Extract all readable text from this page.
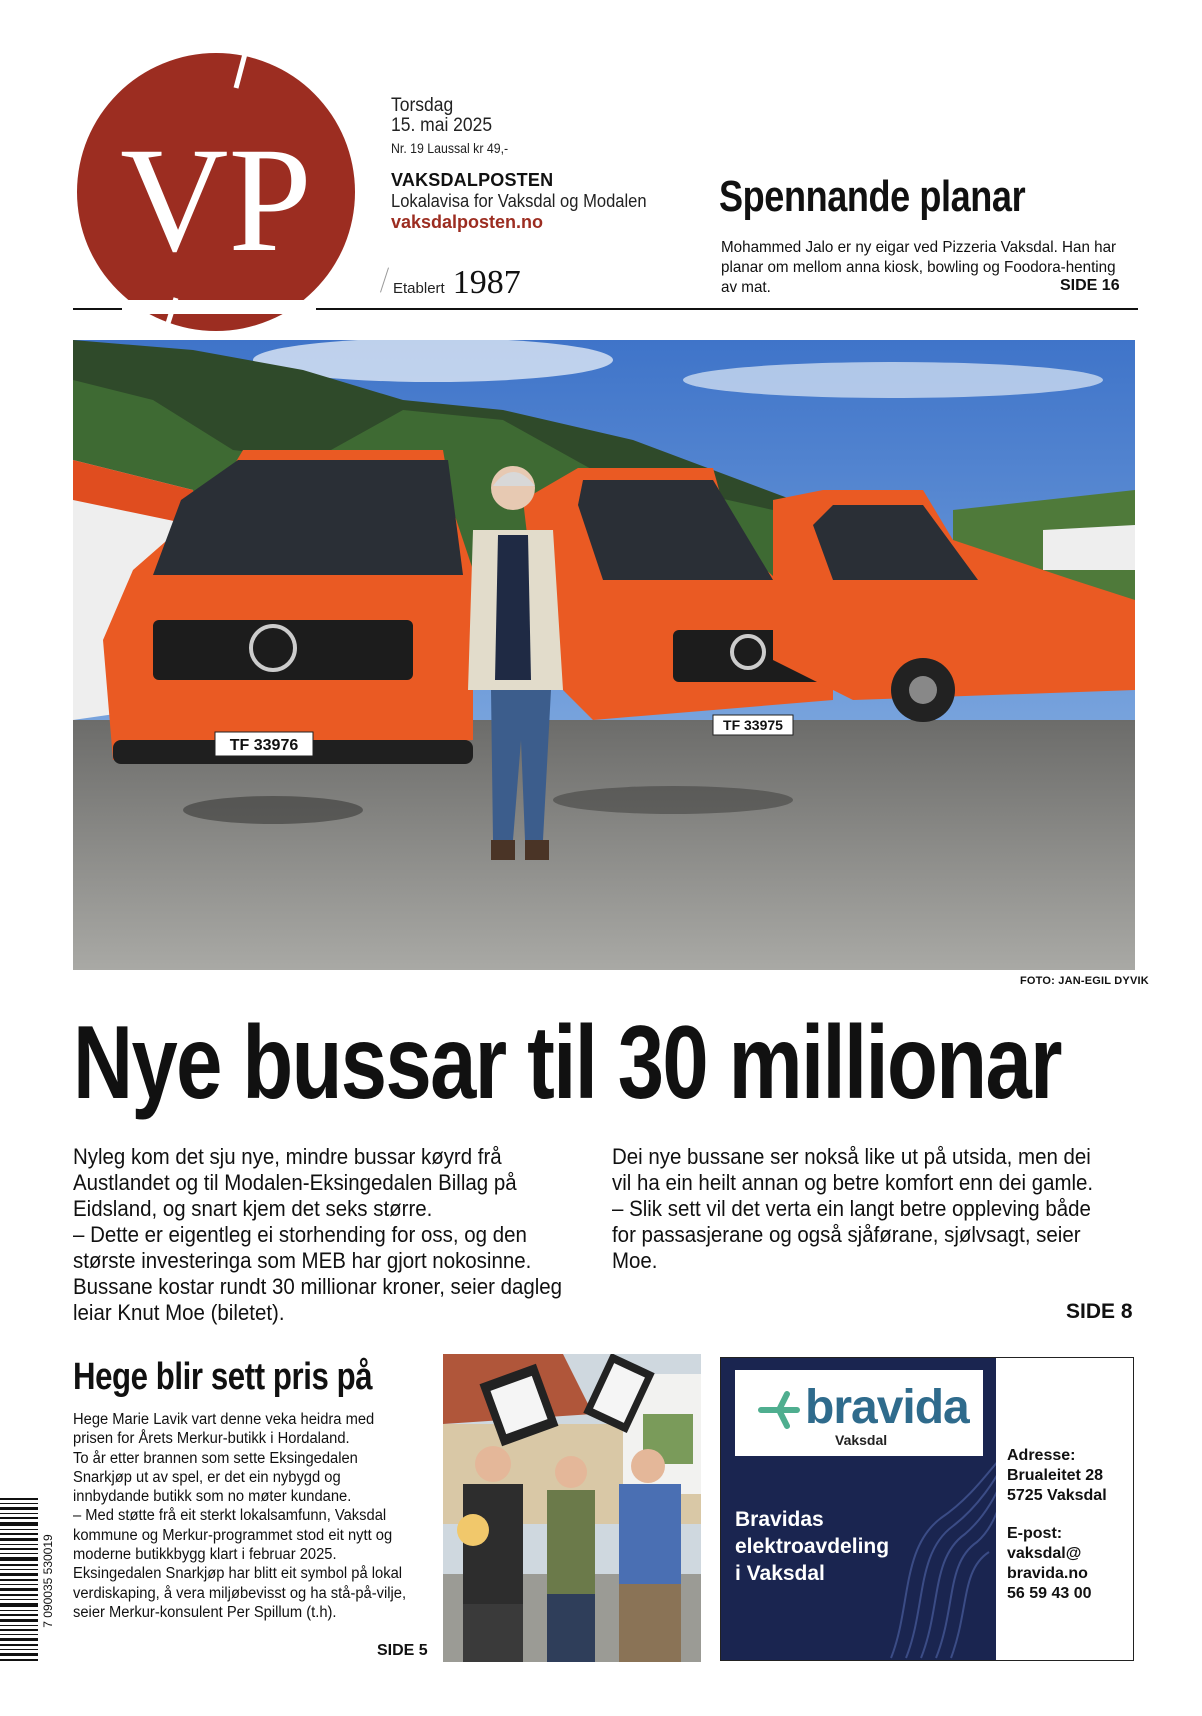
VP
Torsdag
15. mai 2025
Nr. 19 Laussal kr 49,-
VAKSDALPOSTEN
Lokalavisa for Vaksdal og Modalen
vaksdalposten.no
Etablert 1987
Spennande planar
Mohammed Jalo er ny eigar ved Pizzeria Vaksdal. Han har planar om mellom anna kiosk, bowling og Foodora-henting av mat.	SIDE 16
TF 33976
TF 33975
FOTO: JAN-EGIL DYVIK
Nye bussar til 30 millionar
Nyleg kom det sju nye, mindre bussar køyrd frå Austlandet og til Modalen-Eksingedalen Billag på Eidsland, og snart kjem det seks større.
– Dette er eigentleg ei storhending for oss, og den største investeringa som MEB har gjort nokosinne. Bussane kostar rundt 30 millionar kroner, seier dagleg leiar Knut Moe (biletet).
Dei nye bussane ser nokså like ut på utsida, men dei vil ha ein heilt annan og betre komfort enn dei gamle.
– Slik sett vil det verta ein langt betre oppleving både for passasjerane og også sjåførane, sjølvsagt, seier Moe.
SIDE 8
Hege blir sett pris på
Hege Marie Lavik vart denne veka heidra med prisen for Årets Merkur-butikk i Hordaland.
To år etter brannen som sette Eksingedalen Snarkjøp ut av spel, er det ein nybygd og innbydande butikk som no møter kundane.
– Med støtte frå eit sterkt lokalsamfunn, Vaksdal kommune og Merkur-programmet stod eit nytt og moderne butikkbygg klart i februar 2025. Eksingedalen Snarkjøp har blitt eit symbol på lokal verdiskaping, å vera miljøbevisst og ha stå-på-vilje, seier Merkur-konsulent Per Spillum (t.h).
SIDE 5
7 090035 530019
bravida
Vaksdal
Bravidas
elektroavdeling
i Vaksdal
Adresse:
Brualeitet 28
5725 Vaksdal
E-post:
vaksdal@
bravida.no
56 59 43 00
